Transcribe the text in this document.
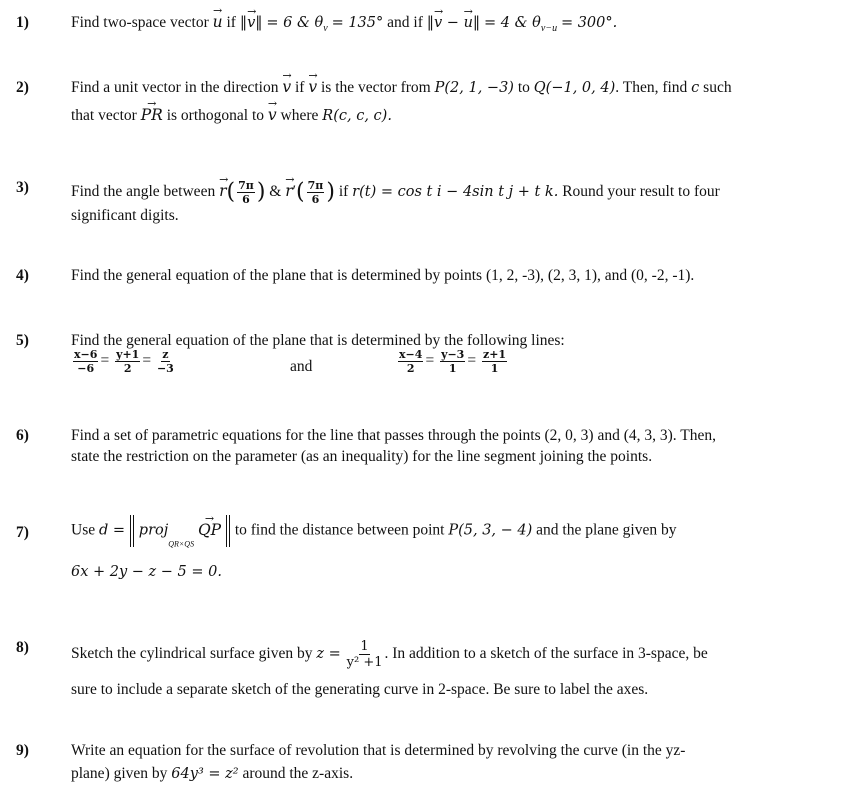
1)	Find two-space vector → u if ‖→ v‖ = 6 & $\theta_v = 135^\circ$ and if ‖→ v − → u‖ = 4 & $\theta_{v-u} = 300^\circ$.
2)	Find a unit vector in the direction → v if → v is the vector from P(2, 1, −3) to Q(−1, 0, 4). Then, find c such
that vector → PR is orthogonal to → v where R(c, c, c).
3)	Find the angle between → $r( \frac{7\pi}{6}$ ) & → $r'( \frac{7\pi}{6}$ ) if r(t) = cos t i − 4sin t j + t k. Round your result to four
significant digits.
4)	Find the general equation of the plane that is determined by points (1, 2, -3), (2, 3, 1), and (0, -2, -1).
5)	Find the general equation of the plane that is determined by the following lines:
$\frac{x-6}{-6} = \frac{y+1}{2} = \frac{z}{-3}$	and	$\frac{x-4}{2} = \frac{y-3}{1} = \frac{z+1}{1}$
6)	Find a set of parametric equations for the line that passes through the points (2, 0, 3) and (4, 3, 3). Then,
state the restriction on the parameter (as an inequality) for the line segment joining the points.
7)	Use d = proj$_{QR\times QS}$ → QP to find the distance between point P(5, 3, − 4) and the plane given by
6x + 2y − z − 5 = 0.
8)	Sketch the cylindrical surface given by $z = \frac{1}{\text{y² +1}}$ . In addition to a sketch of the surface in 3-space, be
sure to include a separate sketch of the generating curve in 2-space. Be sure to label the axes.
9)	Write an equation for the surface of revolution that is determined by revolving the curve (in the yz-
plane) given by 64y³ = z² around the z-axis.
